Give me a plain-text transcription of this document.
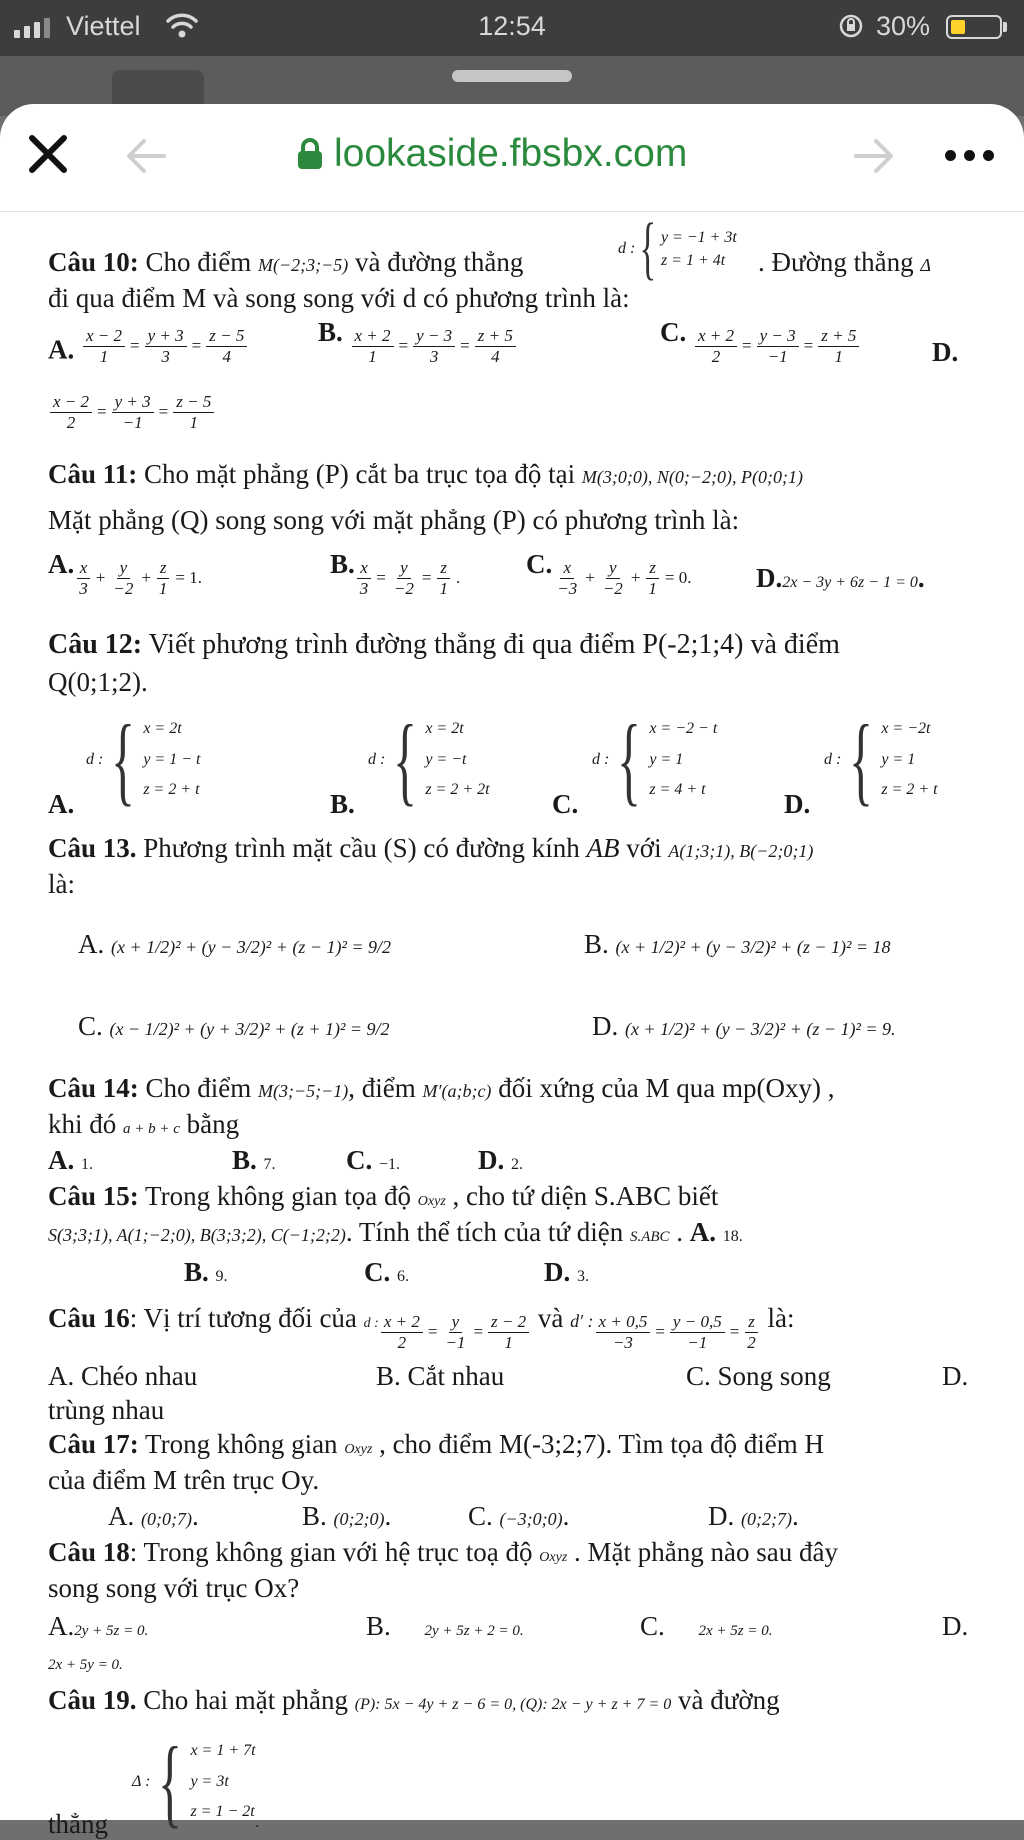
Viettel	12:54	30%
lookaside.fbsbx.com
d : { y = −1 + 3t
z = 1 + 4t
Câu 10: Cho điểm M(−2;3;−5) và đường thẳng	. Đường thẳng Δ
đi qua điểm M và song song với d có phương trình là:
A. $\frac{x - 2}{1} = \frac{y + 3}{3} = \frac{z - 5}{4}$	B. $\frac{x + 2}{1} = \frac{y - 3}{3} = \frac{z + 5}{4}$	C. $\frac{x + 2}{2} = \frac{y - 3}{-1} = \frac{z + 5}{1}$	D.
$\frac{x - 2}{2} = \frac{y + 3}{-1} = \frac{z - 5}{1}$
Câu 11: Cho mặt phẳng (P) cắt ba trục tọa độ tại M(3;0;0), N(0;−2;0), P(0;0;1)
Mặt phẳng (Q) song song với mặt phẳng (P) có phương trình là:
A. $\frac{x}{3} + \frac{y}{-2} + \frac{z}{1} = 1$.	B. $\frac{x}{3} = \frac{y}{-2} = \frac{z}{1}$ . C. $\frac{x}{-3} + \frac{y}{-2} + \frac{z}{1} = 0$. D.2x − 3y + 6z − 1 = 0.
Câu 12: Viết phương trình đường thẳng đi qua điểm P(-2;1;4) và điểm
Q(0;1;2).
A.
d : { x = 2t
y = 1 − t
z = 2 + t	B.
d : { x = 2t
y = −t
z = 2 + 2t C.
d : { x = −2 − t
y = 1
z = 4 + t	D.
d : { x = −2t
y = 1
z = 2 + t
Câu 13. Phương trình mặt cầu (S) có đường kính AB với A(1;3;1), B(−2;0;1)
là:
A. (x + 1/2)² + (y − 3/2)² + (z − 1)² = 9/2	B. (x + 1/2)² + (y − 3/2)² + (z − 1)² = 18
C. (x − 1/2)² + (y + 3/2)² + (z + 1)² = 9/2	D. (x + 1/2)² + (y − 3/2)² + (z − 1)² = 9.
Câu 14: Cho điểm M(3;−5;−1), điểm M′(a;b;c) đối xứng của M qua mp(Oxy) ,
khi đó a + b + c bằng
A. 1.	B. 7.	C. −1.	D. 2.
Câu 15: Trong không gian tọa độ Oxyz , cho tứ diện S.ABC biết
S(3;3;1), A(1;−2;0), B(3;3;2), C(−1;2;2). Tính thể tích của tứ diện S.ABC . A. 18.
B. 9.	C. 6.	D. 3.
Câu 16: Vị trí tương đối của d : $\frac{x + 2}{2} = \frac{y}{-1} = \frac{z - 2}{1}$ và d′ : $\frac{x + 0,5}{-3} = \frac{y - 0,5}{-1} = \frac{z}{2}$ là:
A. Chéo nhau	B. Cắt nhau	C. Song song	D.
trùng nhau
Câu 17: Trong không gian Oxyz , cho điểm M(-3;2;7). Tìm tọa độ điểm H
của điểm M trên trục Oy.
A. (0;0;7).	B. (0;2;0).	C. (−3;0;0).	D. (0;2;7).
Câu 18: Trong không gian với hệ trục toạ độ Oxyz . Mặt phẳng nào sau đây
song song với trục Ox?
A.2y + 5z = 0.	B. 2y + 5z + 2 = 0.	C. 2x + 5z = 0.	D.
2x + 5y = 0.
Câu 19. Cho hai mặt phẳng (P): 5x − 4y + z − 6 = 0, (Q): 2x − y + z + 7 = 0 và đường
thẳng
Δ : { x = 1 + 7t
y = 3t
z = 1 − 2t
.
